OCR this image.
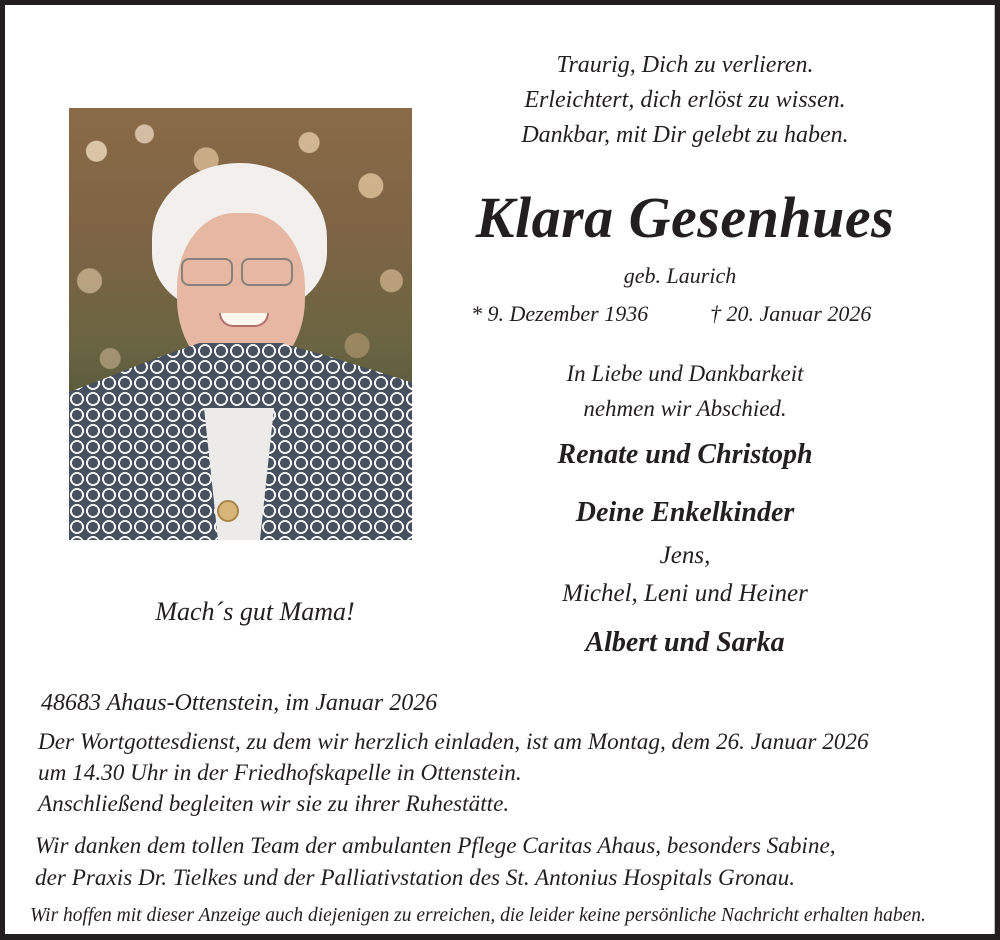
Traurig, Dich zu verlieren.
Erleichtert, dich erlöst zu wissen.
Dankbar, mit Dir gelebt zu haben.
Klara Gesenhues
geb. Laurich
* 9. Dezember 1936	† 20. Januar 2026
In Liebe und Dankbarkeit
nehmen wir Abschied.
Renate und Christoph
Deine Enkelkinder
Jens,
Michel, Leni und Heiner
Albert und Sarka
Mach´s gut Mama!
48683 Ahaus-Ottenstein, im Januar 2026
Der Wortgottesdienst, zu dem wir herzlich einladen, ist am Montag, dem 26. Januar 2026
um 14.30 Uhr in der Friedhofskapelle in Ottenstein.
Anschließend begleiten wir sie zu ihrer Ruhestätte.
Wir danken dem tollen Team der ambulanten Pflege Caritas Ahaus, besonders Sabine,
der Praxis Dr. Tielkes und der Palliativstation des St. Antonius Hospitals Gronau.
Wir hoffen mit dieser Anzeige auch diejenigen zu erreichen, die leider keine persönliche Nachricht erhalten haben.
